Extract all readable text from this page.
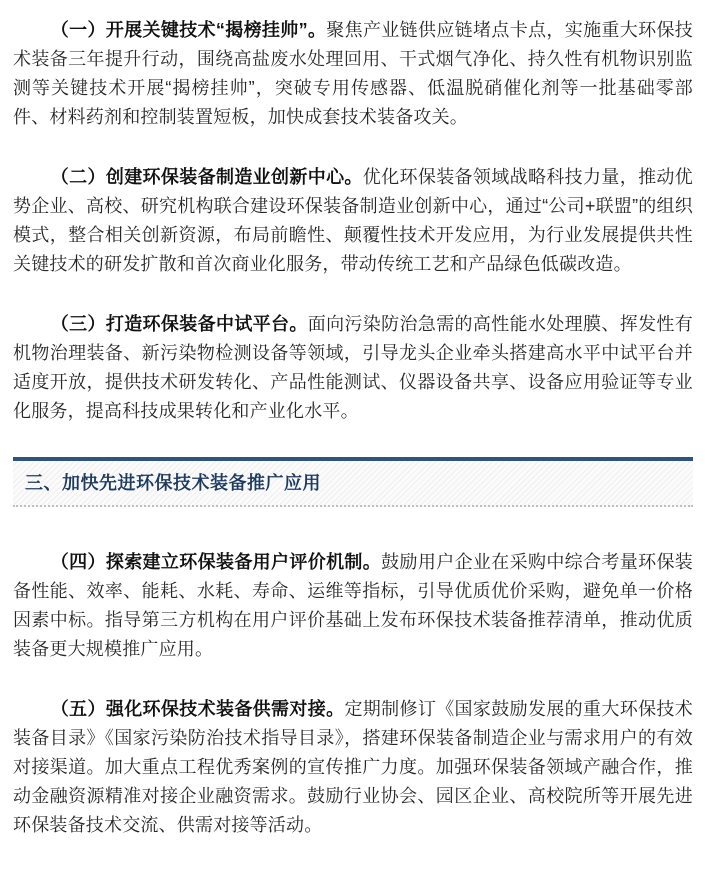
（一）开展关键技术“揭榜挂帅”。聚焦产业链供应链堵点卡点，实施重大环保技术装备三年提升行动，围绕高盐废水处理回用、干式烟气净化、持久性有机物识别监测等关键技术开展“揭榜挂帅”，突破专用传感器、低温脱硝催化剂等一批基础零部件、材料药剂和控制装置短板，加快成套技术装备攻关。

（二）创建环保装备制造业创新中心。优化环保装备领域战略科技力量，推动优势企业、高校、研究机构联合建设环保装备制造业创新中心，通过“公司+联盟”的组织模式，整合相关创新资源，布局前瞻性、颠覆性技术开发应用，为行业发展提供共性关键技术的研发扩散和首次商业化服务，带动传统工艺和产品绿色低碳改造。

（三）打造环保装备中试平台。面向污染防治急需的高性能水处理膜、挥发性有机物治理装备、新污染物检测设备等领域，引导龙头企业牵头搭建高水平中试平台并适度开放，提供技术研发转化、产品性能测试、仪器设备共享、设备应用验证等专业化服务，提高科技成果转化和产业化水平。

三、加快先进环保技术装备推广应用

（四）探索建立环保装备用户评价机制。鼓励用户企业在采购中综合考量环保装备性能、效率、能耗、水耗、寿命、运维等指标，引导优质优价采购，避免单一价格因素中标。指导第三方机构在用户评价基础上发布环保技术装备推荐清单，推动优质装备更大规模推广应用。

（五）强化环保技术装备供需对接。定期制修订《国家鼓励发展的重大环保技术装备目录》《国家污染防治技术指导目录》，搭建环保装备制造企业与需求用户的有效对接渠道。加大重点工程优秀案例的宣传推广力度。加强环保装备领域产融合作，推动金融资源精准对接企业融资需求。鼓励行业协会、园区企业、高校院所等开展先进环保装备技术交流、供需对接等活动。
